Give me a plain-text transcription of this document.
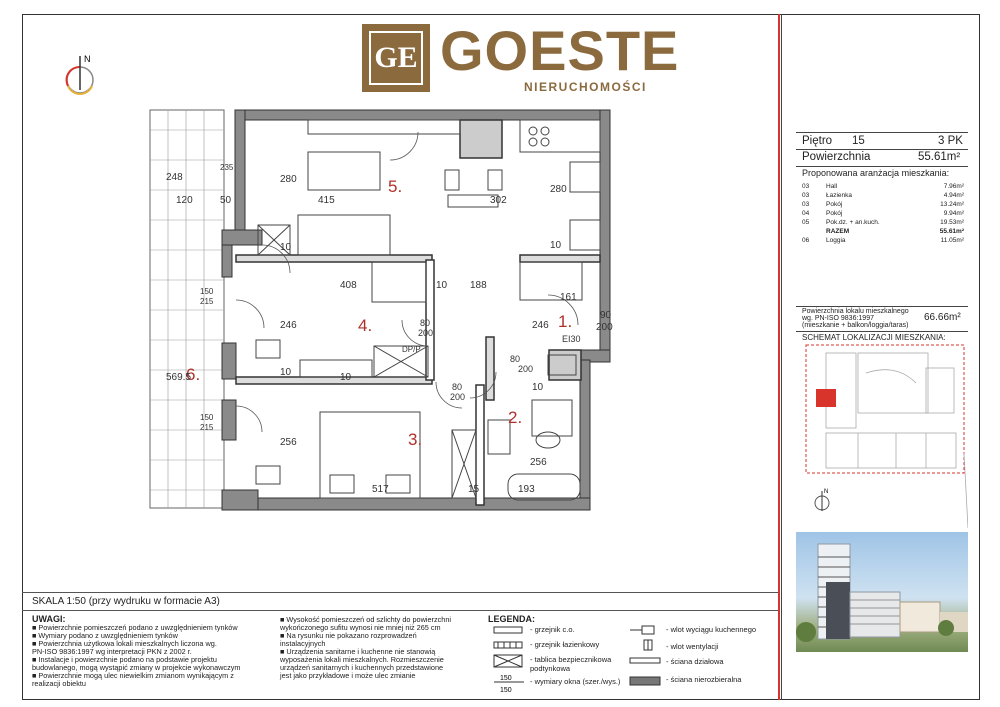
GE GOESTE
NIERUCHOMOŚCI
N
1.
2.
3.
4.
5.
6.
280
415	302
280
10
408	10 188
161
246	246
10
256
256
517	193
15
10
248
120	50
569.5
150
215
150
215
90
200
80
200
80
200
80
200
EI30
235
DP/P
10
10
SKALA 1:50 (przy wydruku w formacie A3)
UWAGI:
■ Powierzchnie pomieszczeń podano z uwzględnieniem tynków
■ Wymiary podano z uwzględnieniem tynków
■ Powierzchnia użytkowa lokali mieszkalnych liczona wg.
PN-ISO 9836:1997 wg interpretacji PKN z 2002 r.
■ Instalacje i powierzchnie podano na podstawie projektu
budowlanego, mogą wystąpić zmiany w projekcie wykonawczym
■ Powierzchnie mogą ulec niewielkim zmianom wynikającym z
realizacji obiektu
■ Wysokość pomieszczeń od szlichty do powierzchni
wykończonego sufitu wynosi nie mniej niż 265 cm
■ Na rysunku nie pokazano rozprowadzeń
instalacyjnych
■ Urządzenia sanitarne i kuchenne nie stanowią
wyposażenia lokali mieszkalnych. Rozmieszczenie
urządzeń sanitarnych i kuchennych przedstawione
jest jako przykładowe i może ulec zmianie
LEGENDA:
150
150
- grzejnik c.o.
- grzejnik łazienkowy
- tablica bezpiecznikowa
podtynkowa
- wymiary okna (szer./wys.)
- wlot wyciągu kuchennego
- wlot wentylacji
- ściana działowa
- ściana nierozbieralna
Piętro 15	3 PK
Powierzchnia	55.61m²
Proponowana aranżacja mieszkania:
03	Hall	7.96m²
03	Łazienka	4.94m²
03	Pokój	13.24m²
04	Pokój	9.94m²
05	Pok.dz. + an.kuch.	19.53m²
RAZEM	55.61m²
06	Loggia	11.05m²
Powierzchnia lokalu mieszkalnego
wg. PN-ISO 9836:1997
(mieszkanie + balkon/loggia/taras)
66.66m²
SCHEMAT LOKALIZACJI MIESZKANIA:
N
